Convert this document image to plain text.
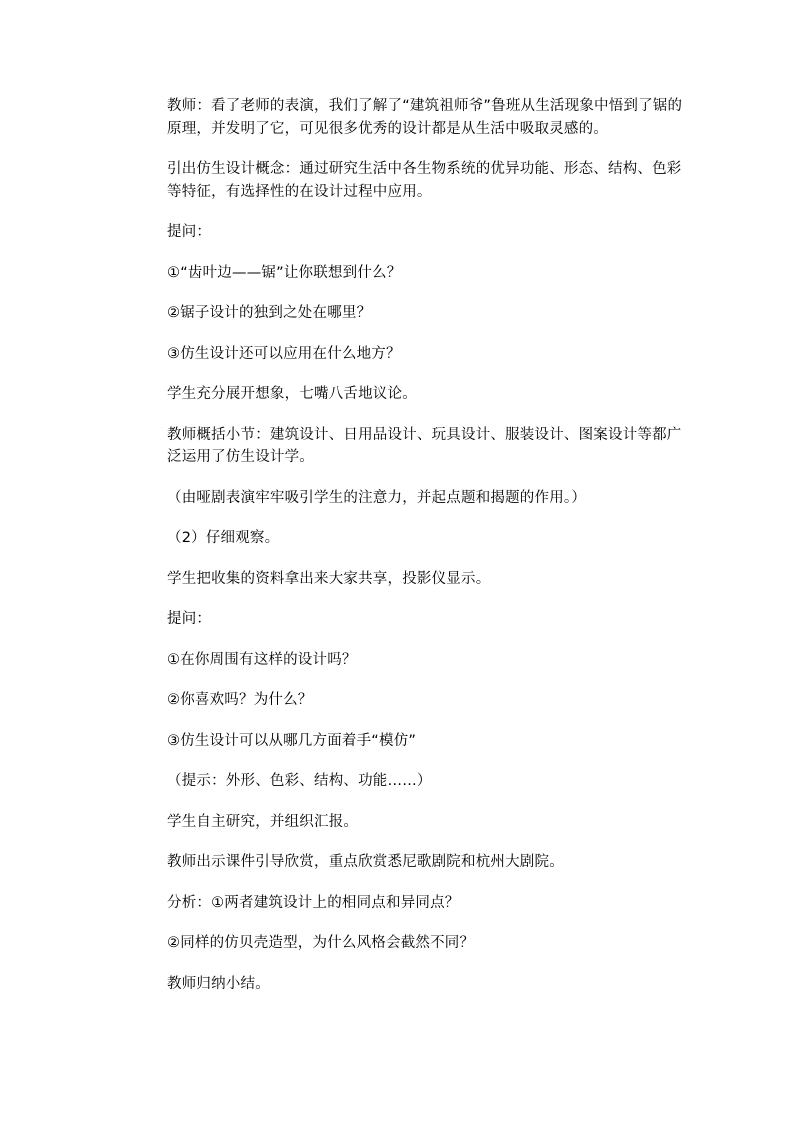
教师：看了老师的表演，我们了解了“建筑祖师爷”鲁班从生活现象中悟到了锯的原理，并发明了它，可见很多优秀的设计都是从生活中吸取灵感的。

引出仿生设计概念：通过研究生活中各生物系统的优异功能、形态、结构、色彩等特征，有选择性的在设计过程中应用。

提问：

①“齿叶边——锯”让你联想到什么？

②锯子设计的独到之处在哪里？

③仿生设计还可以应用在什么地方？

学生充分展开想象，七嘴八舌地议论。

教师概括小节：建筑设计、日用品设计、玩具设计、服装设计、图案设计等都广泛运用了仿生设计学。

（由哑剧表演牢牢吸引学生的注意力，并起点题和揭题的作用。）

（2）仔细观察。

学生把收集的资料拿出来大家共享，投影仪显示。

提问：

①在你周围有这样的设计吗？

②你喜欢吗？为什么？

③仿生设计可以从哪几方面着手“模仿”

（提示：外形、色彩、结构、功能……）

学生自主研究，并组织汇报。

教师出示课件引导欣赏，重点欣赏悉尼歌剧院和杭州大剧院。

分析：①两者建筑设计上的相同点和异同点？

②同样的仿贝壳造型，为什么风格会截然不同？

教师归纳小结。
